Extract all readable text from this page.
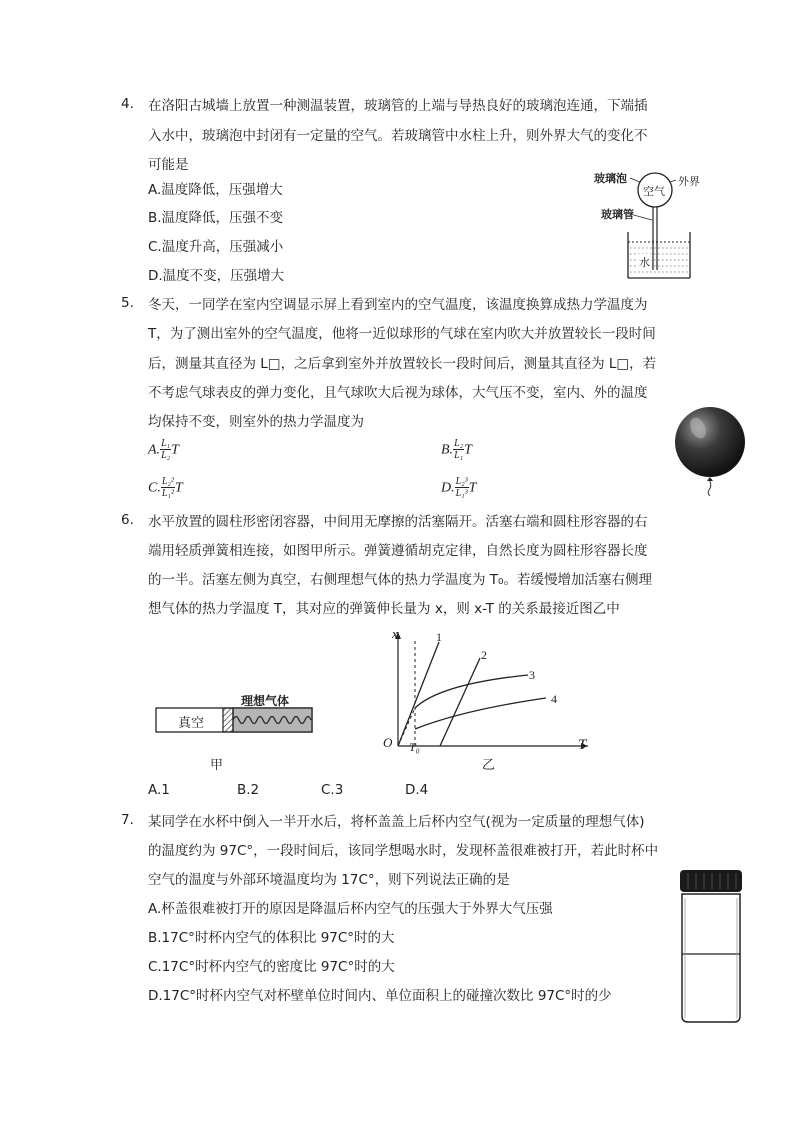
4. 在洛阳古城墙上放置一种测温装置，玻璃管的上端与导热良好的玻璃泡连通，下端插
入水中，玻璃泡中封闭有一定量的空气。若玻璃管中水柱上升，则外界大气的变化不
可能是
A.温度降低，压强增大
B.温度降低，压强不变
C.温度升高，压强减小
D.温度不变，压强增大
玻璃泡
空气
外界
玻璃管
水
5. 冬天，一同学在室内空调显示屏上看到室内的空气温度，该温度换算成热力学温度为
T，为了测出室外的空气温度，他将一近似球形的气球在室内吹大并放置较长一段时间
后，测量其直径为 L□，之后拿到室外并放置较长一段时间后，测量其直径为 L□，若
不考虑气球表皮的弹力变化，且气球吹大后视为球体，大气压不变，室内、外的温度
均保持不变，则室外的热力学温度为
A. $\frac{\text{L₁}}{\text{L₂}}$ T	B. $\frac{\text{L₂}}{\text{L₁}}$ T
C. $\frac{\text{L₂²}}{\text{L₁²}}$ T	D. $\frac{\text{L₂³}}{\text{L₁³}}$ T
6. 水平放置的圆柱形密闭容器，中间用无摩擦的活塞隔开。活塞右端和圆柱形容器的右
端用轻质弹簧相连接，如图甲所示。弹簧遵循胡克定律，自然长度为圆柱形容器长度
的一半。活塞左侧为真空，右侧理想气体的热力学温度为 T₀。若缓慢增加活塞右侧理
想气体的热力学温度 T，其对应的弹簧伸长量为 x，则 x-T 的关系最接近图乙中
真空
理想气体
甲
x
T
O T₀
1
2
3
4
乙
A.1	B.2	C.3	D.4
7. 某同学在水杯中倒入一半开水后，将杯盖盖上后杯内空气(视为一定质量的理想气体)
的温度约为 97C°，一段时间后，该同学想喝水时，发现杯盖很难被打开，若此时杯中
空气的温度与外部环境温度均为 17C°，则下列说法正确的是
A.杯盖很难被打开的原因是降温后杯内空气的压强大于外界大气压强
B.17C°时杯内空气的体积比 97C°时的大
C.17C°时杯内空气的密度比 97C°时的大
D.17C°时杯内空气对杯壁单位时间内、单位面积上的碰撞次数比 97C°时的少
